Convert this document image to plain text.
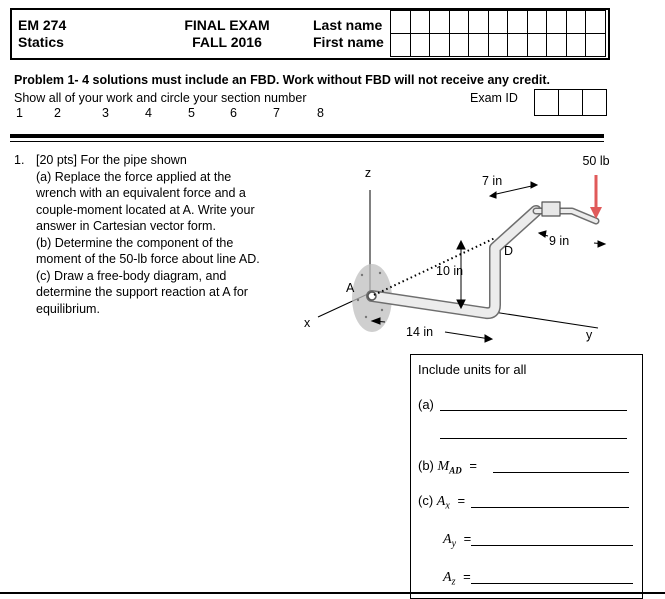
EM 274
Statics
FINAL EXAM
FALL 2016
Last name
First name
Problem 1- 4 solutions must include an FBD. Work without FBD will not receive any credit.
Show all of your work and circle your section number	Exam ID
1 2	3	4	5	6	7	8
1. [20 pts] For the pipe shown
(a) Replace the force applied at the
wrench with an equivalent force and a
couple-moment located at A. Write your
answer in Cartesian vector form.
(b) Determine the component of the
moment of the 50-lb force about line AD.
(c) Draw a free-body diagram, and
determine the support reaction at A for
equilibrium.
50 lb
z
x
y
A
D
7 in
9 in
10 in
14 in
Include units for all
(a)
(b) $M_{AD}$ =
(c) $A_x$ =
$A_y$ =
$A_z$ =
